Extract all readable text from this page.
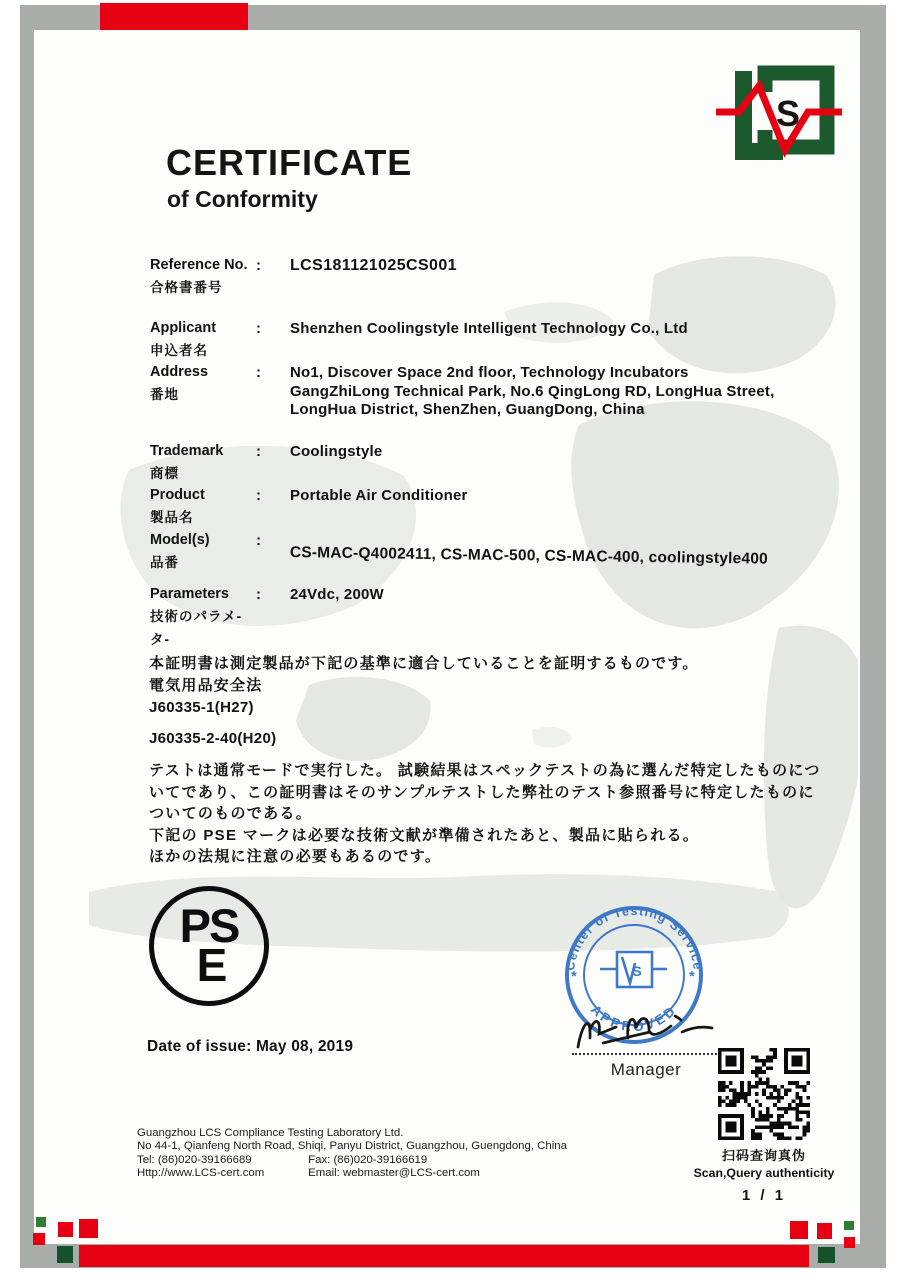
S
CERTIFICATE
of Conformity
Reference No.
合格書番号
: LCS181121025CS001
Applicant
申込者名
: Shenzhen Coolingstyle Intelligent Technology Co., Ltd
Address
番地
: No1, Discover Space 2nd floor, Technology Incubators
GangZhiLong Technical Park, No.6 QingLong RD, LongHua Street,
LongHua District, ShenZhen, GuangDong, China
Trademark
商標
: Coolingstyle
Product
製品名
: Portable Air Conditioner
Model(s)
品番
:
CS-MAC-Q4002411, CS-MAC-500, CS-MAC-400, coolingstyle400
Parameters
技術のパラメ-
タ-
: 24Vdc, 200W
本証明書は測定製品が下記の基準に適合していることを証明するものです。
電気用品安全法
J60335-1(H27)
J60335-2-40(H20)
テストは通常モードで実行した。 試験結果はスペックテストの為に選んだ特定したものにつ
いてであり、この証明書はそのサンプルテストした弊社のテスト参照番号に特定したものに
ついてのものである。
下記の PSE マークは必要な技術文献が準備されたあと、製品に貼られる。
ほかの法規に注意の必要もあるのです。
PS
E	Center of Testing Service
APPROVED
*	*
S
Manager
Date of issue: May 08, 2019
Guangzhou LCS Compliance Testing Laboratory Ltd.
No 44-1, Qianfeng North Road, Shiqi, Panyu District, Guangzhou, Guengdong, China
Tel: (86)020-39166689	Fax: (86)020-39166619
Http://www.LCS-cert.com	Email: webmaster@LCS-cert.com
扫码查询真伪
Scan,Query authenticity
1 / 1
